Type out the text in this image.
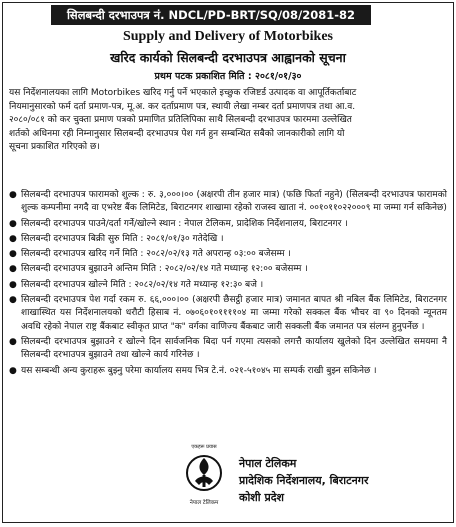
सिलबन्दी दरभाउपत्र नं. NDCL/PD-BRT/SQ/08/2081-82
Supply and Delivery of Motorbikes
खरिद कार्यको सिलबन्दी दरभाउपत्र आह्वानको सूचना
प्रथम पटक प्रकाशित मिति : २०८१/०१/३०

यस निर्देशनालयका लागि Motorbikes खरिद गर्नु पर्ने भएकाले इच्छुक रजिष्टर्ड उत्पादक वा आपूर्तिकर्ताबाट
नियमानुसारको फर्म दर्ता प्रमाण-पत्र, मू.अ. कर दर्ताप्रमाण पत्र, स्थायी लेखा नम्बर दर्ता प्रमाणपत्र तथा आ.व.
२०८०/०८१ को कर चुक्ता प्रमाण पत्रको प्रमाणित प्रतिलिपिका साथै सिलबन्दी दरभाउपत्र फारममा उल्लेखित
शर्तको अधिनमा रही निम्नानुसार सिलबन्दी दरभाउपत्र पेश गर्न हुन सम्बन्धित सबैको जानकारीको लागि यो
सूचना प्रकाशित गरिएको छ।

● सिलबन्दी दरभाउपत्र फारामको शुल्क : रु. ३,०००।०० (अक्षरपी तीन हजार मात्र) (फछि फिर्ता नहुने) (सिलबन्दी दरभाउपत्र फारामको शुल्क कम्पनीमा नगदै वा एभरेष्ट बैंक लिमिटेड, बिराटनगर शाखामा रहेको राजस्व खाता नं. ००१०११०२२०००९ मा जम्मा गर्न सकिनेछ)
● सिलबन्दी दरभाउपत्र पाउने/दर्ता गर्ने/खोल्ने स्थान : नेपाल टेलिकम, प्रादेशिक निर्देशनालय, बिराटनगर ।
● सिलबन्दी दरभाउपत्र बिक्री सुरु मिति : २०८१/०१/३० गतेदेखि ।
● सिलबन्दी दरभाउपत्र खरिद गर्ने मिति : २०८२/०२/१३ गते अपरान्ह ०३:०० बजेसम्म ।
● सिलबन्दी दरभाउपत्र बुझाउने अन्तिम मिति : २०८२/०२/१४ गते मध्यान्ह १२:०० बजेसम्म ।
● सिलबन्दी दरभाउपत्र खोल्ने मिति : २०८२/०२/१४ गते मध्यान्ह १२:३० बजे ।
● सिलबन्दी दरभाउपत्र पेश गर्दा रकम रु. ६६,०००।०० (अक्षरपी छैसट्ठी हजार मात्र) जमानत बापत श्री नबिल बैंक लिमिटेड, बिराटनगर शाखास्थित यस निर्देशनालयको धरौटी हिसाब नं. ०७०६०१०११११०४ मा जम्मा गरेको सक्कल बैंक भौचर वा ९० दिनको न्यूनतम अवधि रहेको नेपाल राष्ट्र बैंकबाट स्वीकृत प्राप्त "क" वर्गका वाणिज्य बैंकबाट जारी सक्कली बैंक जमानत पत्र संलग्न हुनुपर्नेछ ।
● सिलबन्दी दरभाउपत्र बुझाउने र खोल्ने दिन सार्वजनिक बिदा पर्न गएमा त्यसको लगत्तै कार्यालय खुलेको दिन उल्लेखित समयमा नै सिलबन्दी दरभाउपत्र बुझाउने तथा खोल्ने कार्य गरिनेछ ।
● यस सम्बन्धी अन्य कुराहरू बुझ्नु परेमा कार्यालय समय भित्र टे.नं. ०२१-५१०४५ मा सम्पर्क राखी बुझ्न सकिनेछ ।
एकहरू प्रयास
नेपाल टेलिकम
नेपाल टेलिकम
प्रादेशिक निर्देशनालय, बिराटनगर
कोशी प्रदेश
